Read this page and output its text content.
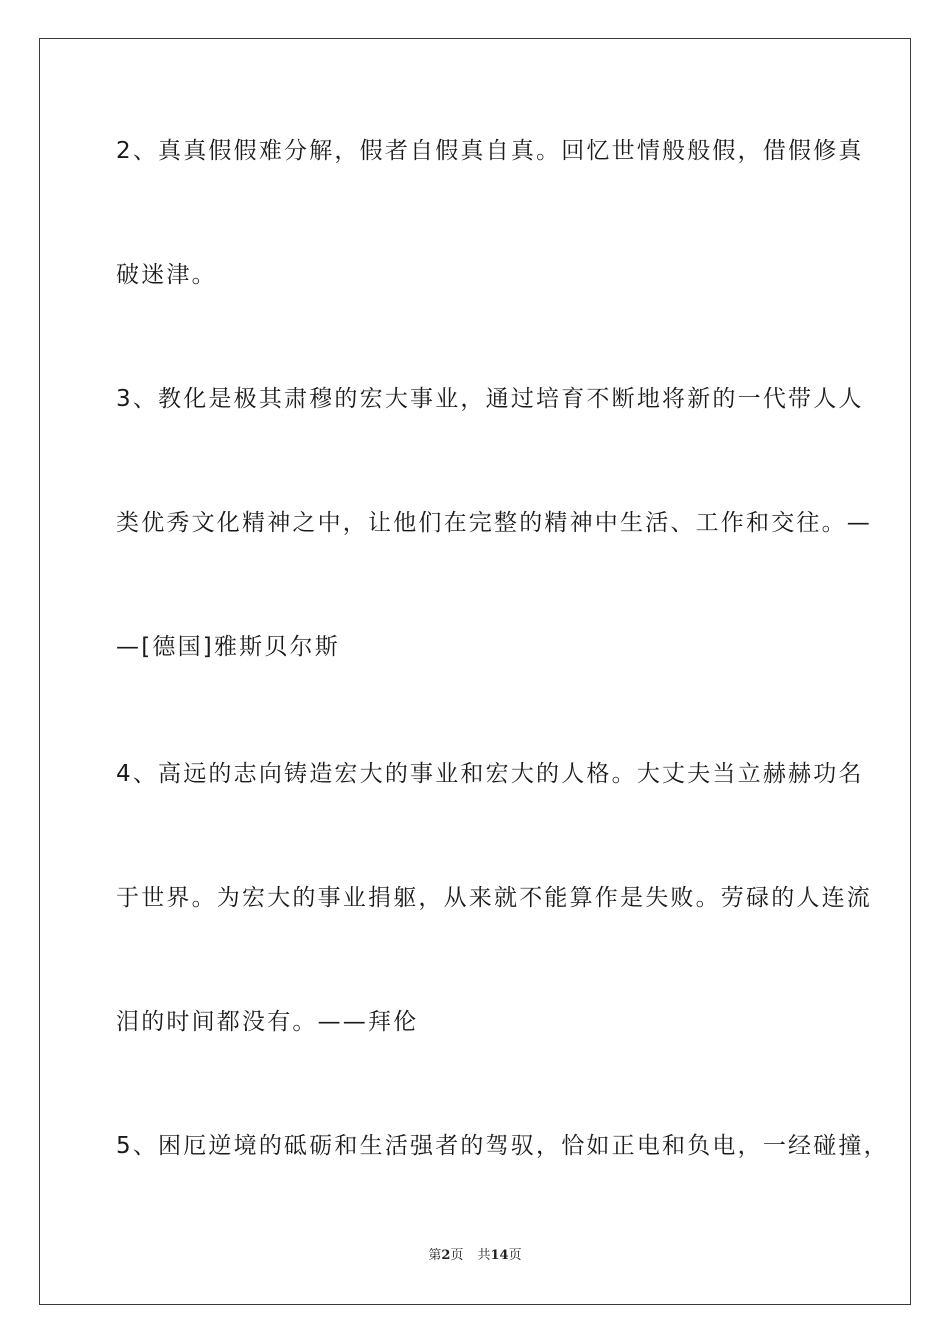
2、真真假假难分解，假者自假真自真。回忆世情般般假，借假修真
破迷津。
3、教化是极其肃穆的宏大事业，通过培育不断地将新的一代带人人
类优秀文化精神之中，让他们在完整的精神中生活、工作和交往。—
—[德国]雅斯贝尔斯
4、高远的志向铸造宏大的事业和宏大的人格。大丈夫当立赫赫功名
于世界。为宏大的事业捐躯，从来就不能算作是失败。劳碌的人连流
泪的时间都没有。——拜伦
5、困厄逆境的砥砺和生活强者的驾驭，恰如正电和负电，一经碰撞，
第2页 共14页
